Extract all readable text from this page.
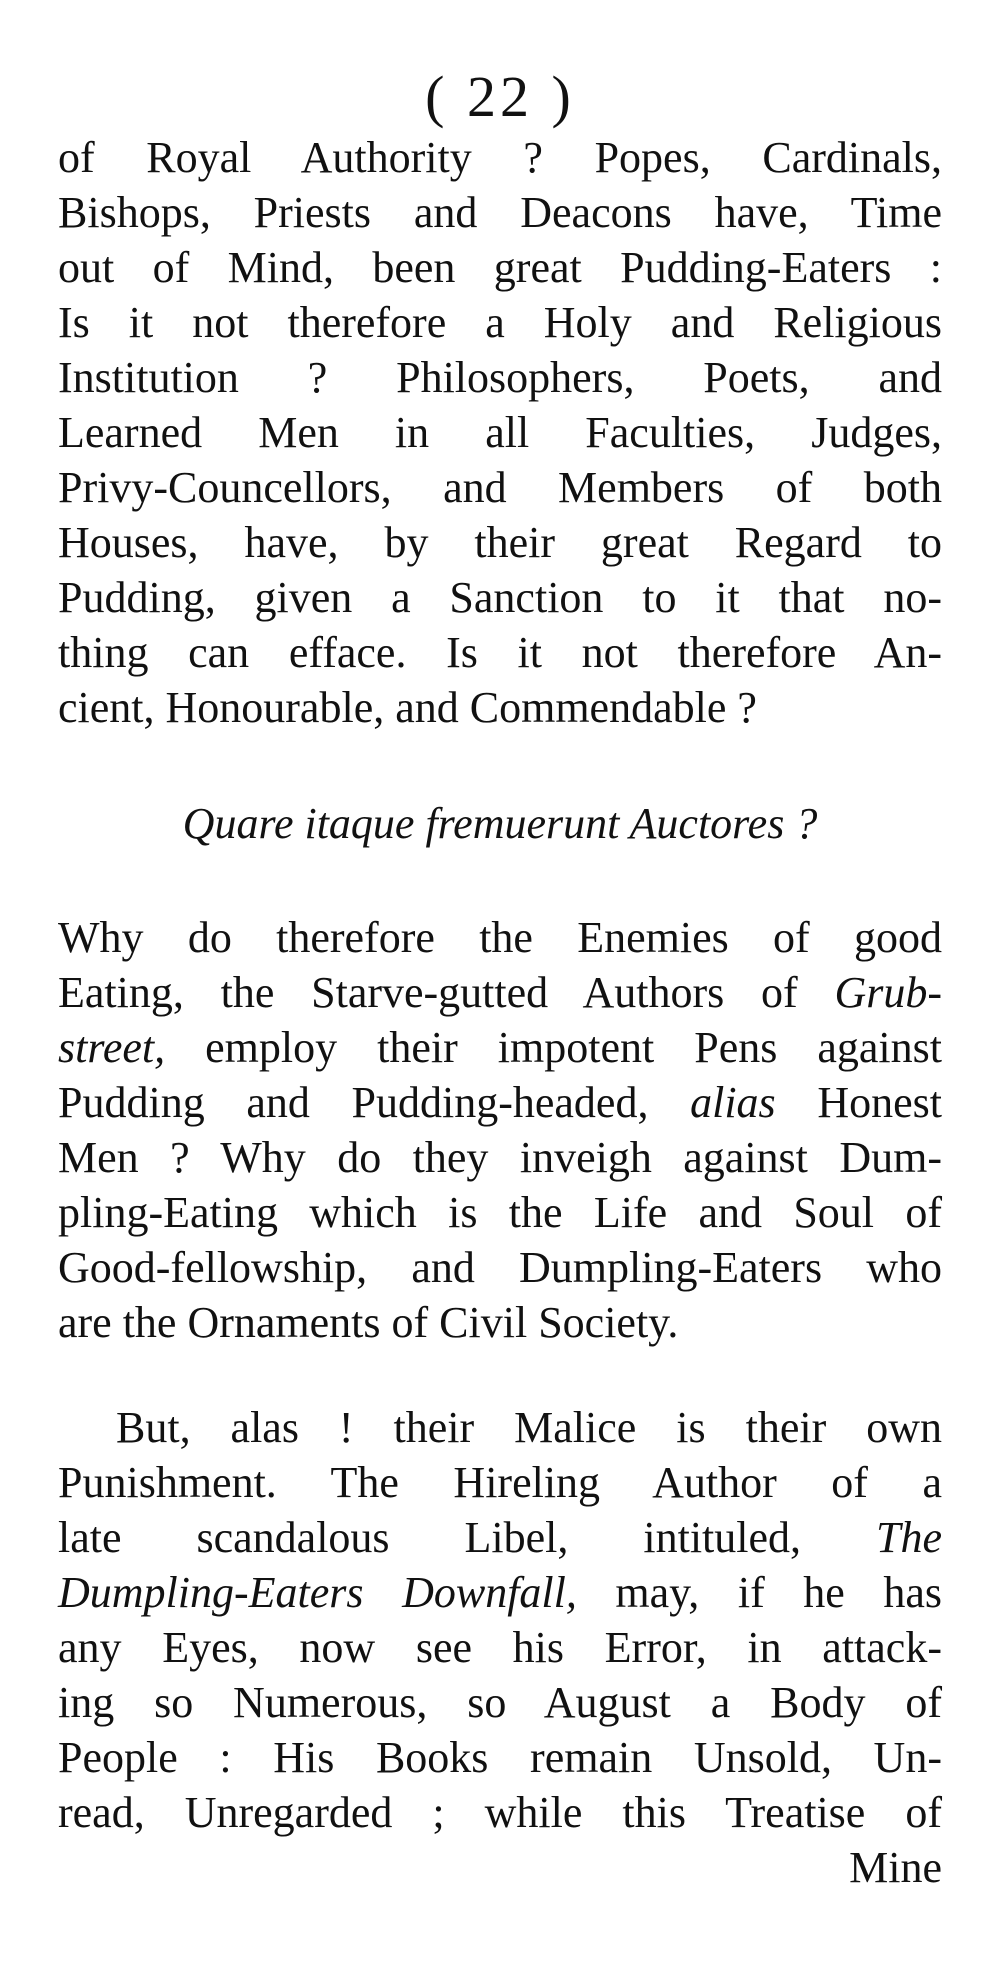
( 22 )
of Royal Authority ? Popes, Cardinals,
Bishops, Priests and Deacons have, Time
out of Mind, been great Pudding-Eaters :
Is it not therefore a Holy and Religious
Institution ? Philosophers, Poets, and
Learned Men in all Faculties, Judges,
Privy-Councellors, and Members of both
Houses, have, by their great Regard to
Pudding, given a Sanction to it that no-
thing can efface. Is it not therefore An-
cient, Honourable, and Commendable ?
Quare itaque fremuerunt Auctores ?
Why do therefore the Enemies of good
Eating, the Starve-gutted Authors of Grub-
street, employ their impotent Pens against
Pudding and Pudding-headed, alias Honest
Men ? Why do they inveigh against Dum-
pling-Eating which is the Life and Soul of
Good-fellowship, and Dumpling-Eaters who
are the Ornaments of Civil Society.
But, alas ! their Malice is their own
Punishment. The Hireling Author of a
late scandalous Libel, intituled, The
Dumpling-Eaters Downfall, may, if he has
any Eyes, now see his Error, in attack-
ing so Numerous, so August a Body of
People : His Books remain Unsold, Un-
read, Unregarded ; while this Treatise of
Mine
